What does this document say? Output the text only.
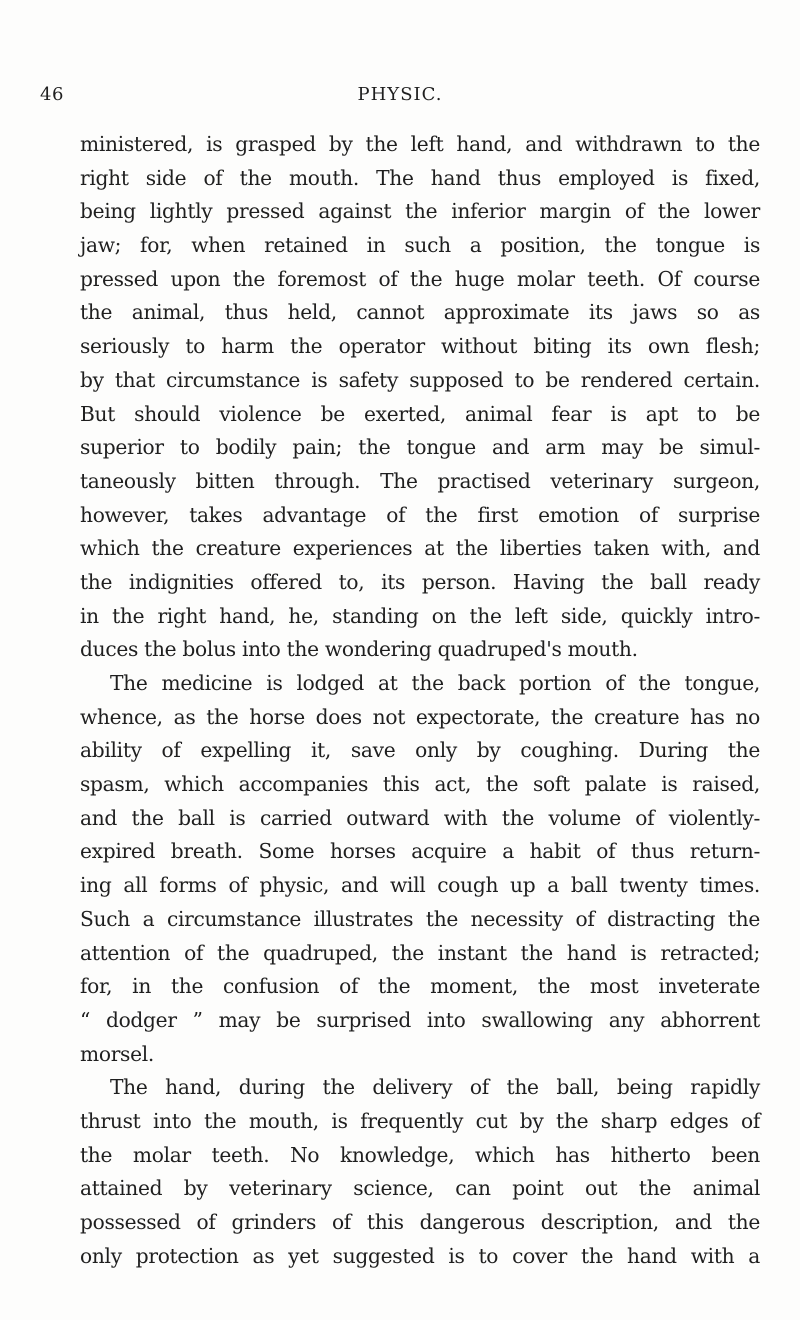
46	PHYSIC.
ministered, is grasped by the left hand, and withdrawn to the
right side of the mouth. The hand thus employed is fixed,
being lightly pressed against the inferior margin of the lower
jaw; for, when retained in such a position, the tongue is
pressed upon the foremost of the huge molar teeth. Of course
the animal, thus held, cannot approximate its jaws so as
seriously to harm the operator without biting its own flesh;
by that circumstance is safety supposed to be rendered certain.
But should violence be exerted, animal fear is apt to be
superior to bodily pain; the tongue and arm may be simul-
taneously bitten through. The practised veterinary surgeon,
however, takes advantage of the first emotion of surprise
which the creature experiences at the liberties taken with, and
the indignities offered to, its person. Having the ball ready
in the right hand, he, standing on the left side, quickly intro-
duces the bolus into the wondering quadruped's mouth.
The medicine is lodged at the back portion of the tongue,
whence, as the horse does not expectorate, the creature has no
ability of expelling it, save only by coughing. During the
spasm, which accompanies this act, the soft palate is raised,
and the ball is carried outward with the volume of violently-
expired breath. Some horses acquire a habit of thus return-
ing all forms of physic, and will cough up a ball twenty times.
Such a circumstance illustrates the necessity of distracting the
attention of the quadruped, the instant the hand is retracted;
for, in the confusion of the moment, the most inveterate
“ dodger ” may be surprised into swallowing any abhorrent
morsel.
The hand, during the delivery of the ball, being rapidly
thrust into the mouth, is frequently cut by the sharp edges of
the molar teeth. No knowledge, which has hitherto been
attained by veterinary science, can point out the animal
possessed of grinders of this dangerous description, and the
only protection as yet suggested is to cover the hand with a
